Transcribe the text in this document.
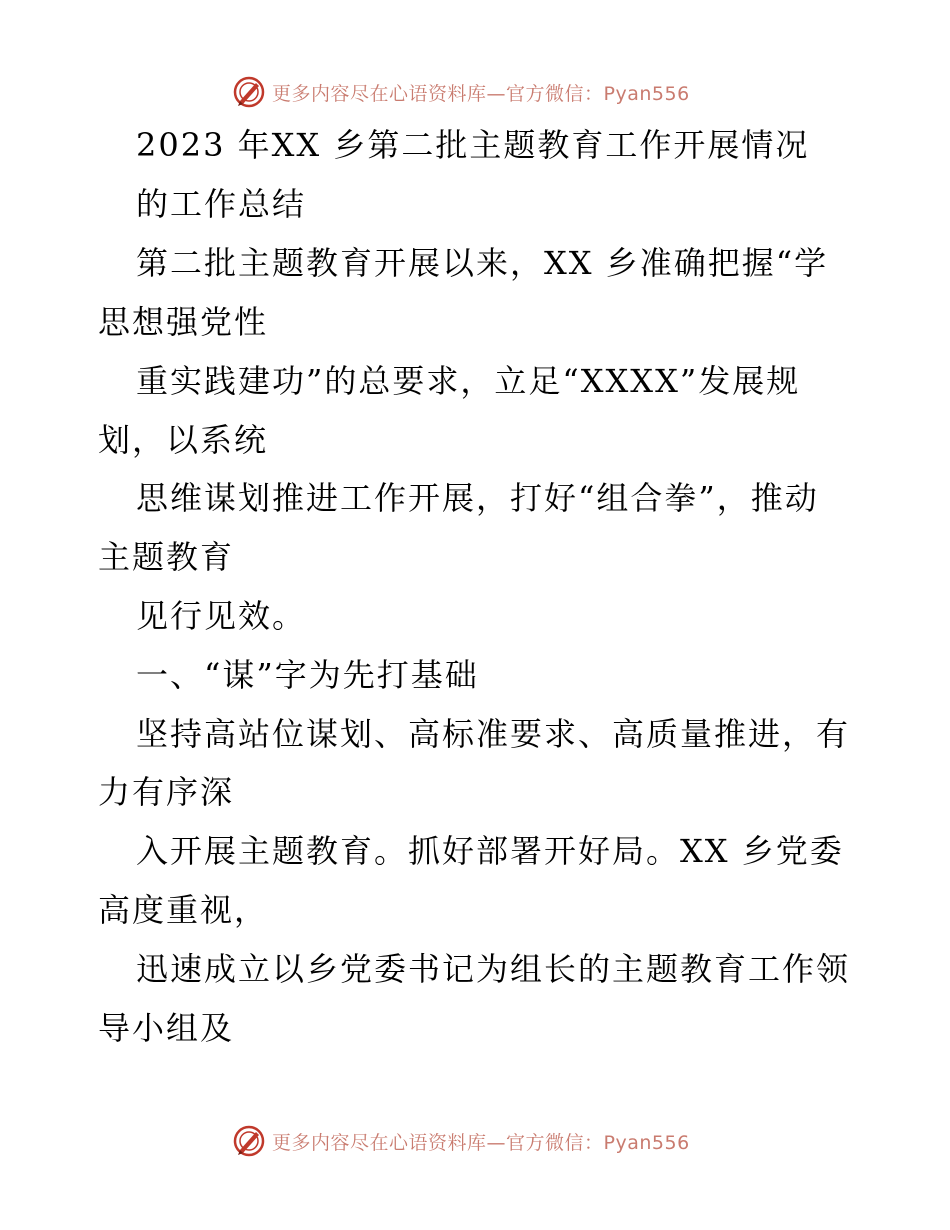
更多内容尽在心语资料库—官方微信：Pyan556
2023 年XX 乡第二批主题教育工作开展情况
的工作总结
第二批主题教育开展以来，XX 乡准确把握“学
思想强党性
重实践建功”的总要求，立足“XXXX”发展规
划，以系统
思维谋划推进工作开展，打好“组合拳”，推动
主题教育
见行见效。
一、“谋”字为先打基础
坚持高站位谋划、高标准要求、高质量推进，有
力有序深
入开展主题教育。抓好部署开好局。XX 乡党委
高度重视，
迅速成立以乡党委书记为组长的主题教育工作领
导小组及
更多内容尽在心语资料库—官方微信：Pyan556
